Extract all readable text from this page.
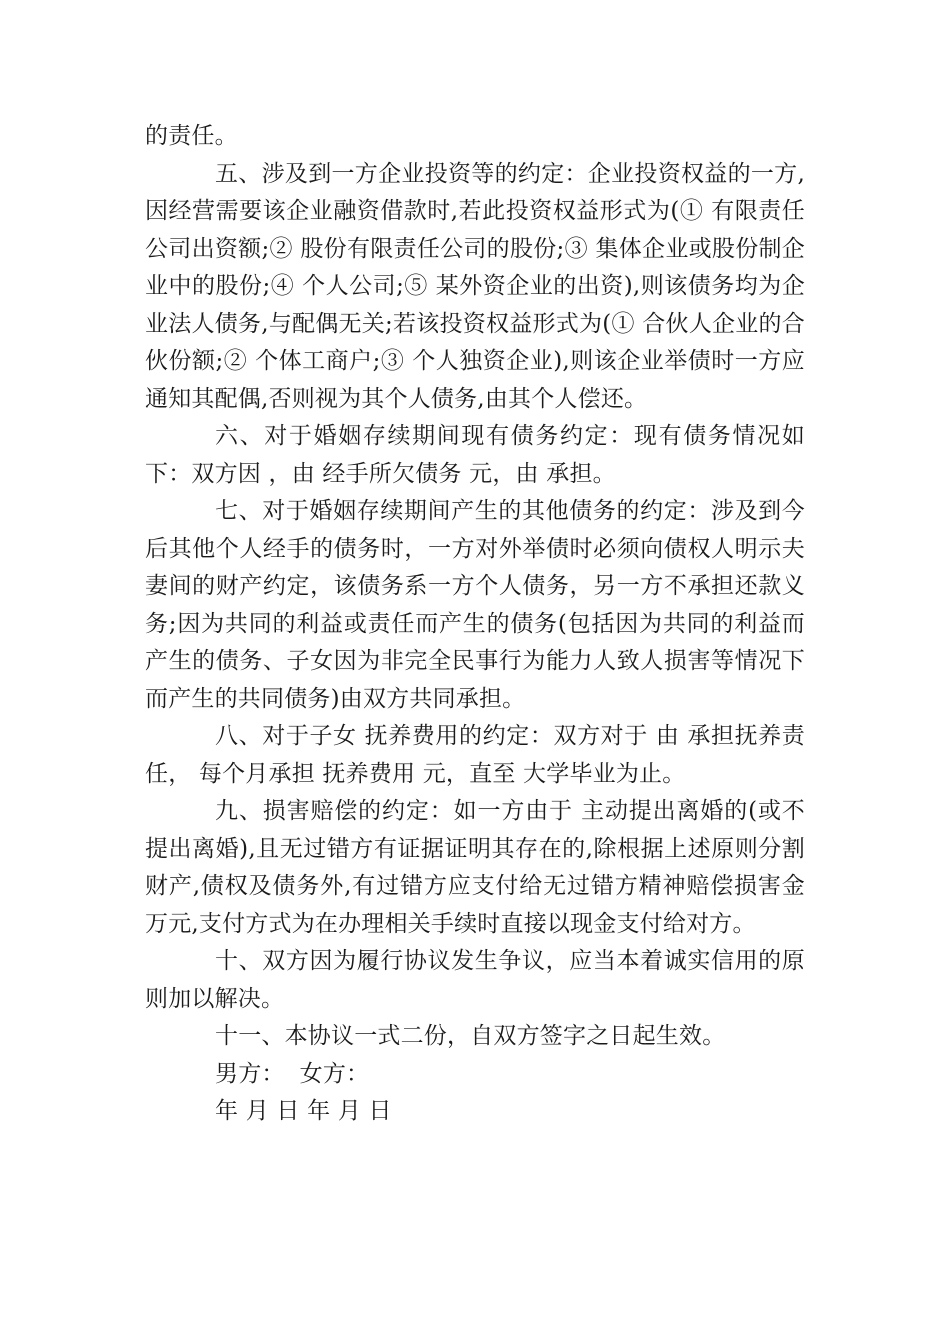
的责任。

五、涉及到一方企业投资等的约定：企业投资权益的一方,因经营需要该企业融资借款时,若此投资权益形式为(① 有限责任公司出资额;② 股份有限责任公司的股份;③ 集体企业或股份制企业中的股份;④ 个人公司;⑤ 某外资企业的出资),则该债务均为企业法人债务,与配偶无关;若该投资权益形式为(① 合伙人企业的合伙份额;② 个体工商户;③ 个人独资企业),则该企业举债时一方应通知其配偶,否则视为其个人债务,由其个人偿还。

六、对于婚姻存续期间现有债务约定：现有债务情况如下：双方因 ，由 经手所欠债务 元，由 承担。

七、对于婚姻存续期间产生的其他债务的约定：涉及到今后其他个人经手的债务时，一方对外举债时必须向债权人明示夫妻间的财产约定，该债务系一方个人债务，另一方不承担还款义务;因为共同的利益或责任而产生的债务(包括因为共同的利益而产生的债务、子女因为非完全民事行为能力人致人损害等情况下而产生的共同债务)由双方共同承担。

八、对于子女 抚养费用的约定：双方对于 由 承担抚养责任， 每个月承担 抚养费用 元，直至 大学毕业为止。

九、损害赔偿的约定：如一方由于 主动提出离婚的(或不提出离婚),且无过错方有证据证明其存在的,除根据上述原则分割财产,债权及债务外,有过错方应支付给无过错方精神赔偿损害金 万元,支付方式为在办理相关手续时直接以现金支付给对方。

十、双方因为履行协议发生争议，应当本着诚实信用的原则加以解决。

十一、本协议一式二份，自双方签字之日起生效。

男方：  女方：

年 月 日 年 月 日
